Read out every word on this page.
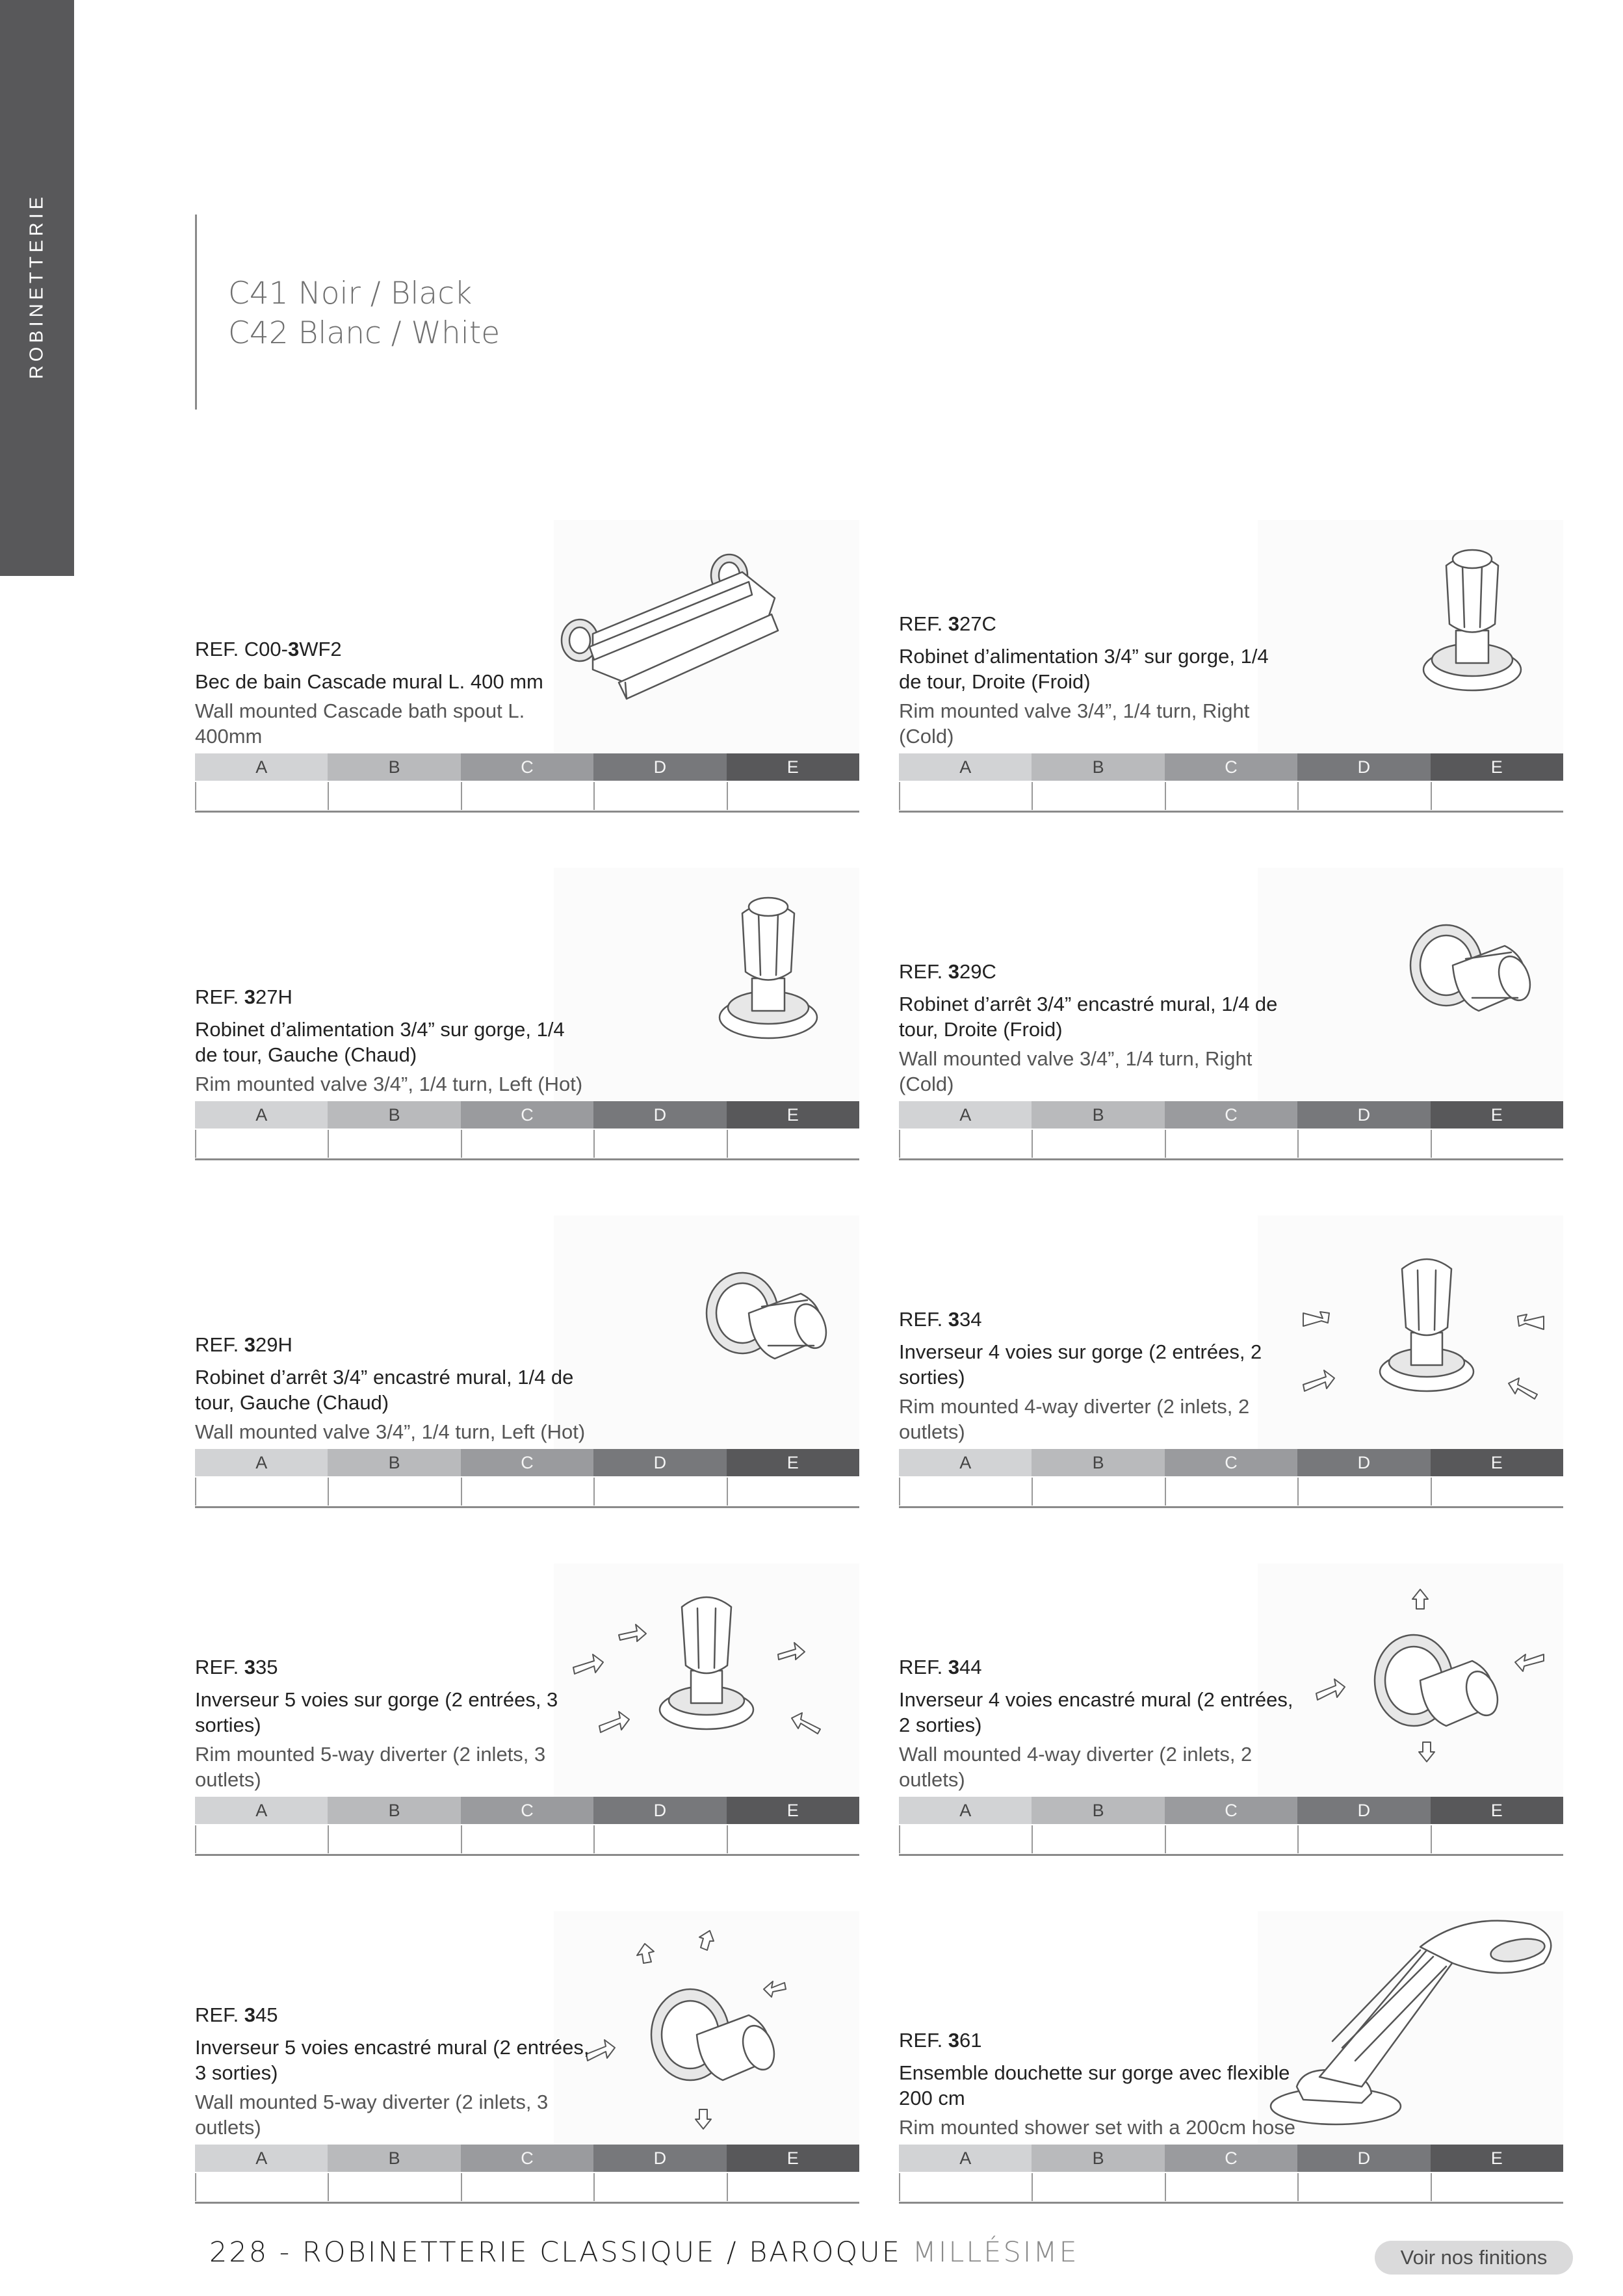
ROBINETTERIE	C41 Noir / Black
C42 Blanc / White
REF. C00-3WF2
Bec de bain Cascade mural L. 400 mm
Wall mounted Cascade bath spout L. 400mm
A	B	C	D	E
REF. 327C
Robinet d’alimentation 3/4” sur gorge, 1/4 de tour, Droite (Froid)
Rim mounted valve 3/4”, 1/4 turn, Right (Cold)
A	B	C	D	E
REF. 327H
Robinet d’alimentation 3/4” sur gorge, 1/4 de tour, Gauche (Chaud)
Rim mounted valve 3/4”, 1/4 turn, Left (Hot)
A	B	C	D	E
REF. 329C
Robinet d’arrêt 3/4” encastré mural, 1/4 de tour, Droite (Froid)
Wall mounted valve 3/4”, 1/4 turn, Right (Cold)
A	B	C	D	E
REF. 329H
Robinet d’arrêt 3/4” encastré mural, 1/4 de tour, Gauche (Chaud)
Wall mounted valve 3/4”, 1/4 turn, Left (Hot)
A	B	C	D	E
REF. 334
Inverseur 4 voies sur gorge (2 entrées, 2 sorties)
Rim mounted 4-way diverter (2 inlets, 2 outlets)
A	B	C	D	E
REF. 335
Inverseur 5 voies sur gorge (2 entrées, 3 sorties)
Rim mounted 5-way diverter (2 inlets, 3 outlets)
A	B	C	D	E
REF. 344
Inverseur 4 voies encastré mural (2 entrées, 2 sorties)
Wall mounted 4-way diverter (2 inlets, 2 outlets)
A	B	C	D	E
REF. 345
Inverseur 5 voies encastré mural (2 entrées, 3 sorties)
Wall mounted 5-way diverter (2 inlets, 3 outlets)
A	B	C	D	E
REF. 361
Ensemble douchette sur gorge avec flexible 200 cm
Rim mounted shower set with a 200cm hose
A	B	C	D	E
228 - ROBINETTERIE CLASSIQUE / BAROQUE MILLÉSIME	Voir nos finitions
